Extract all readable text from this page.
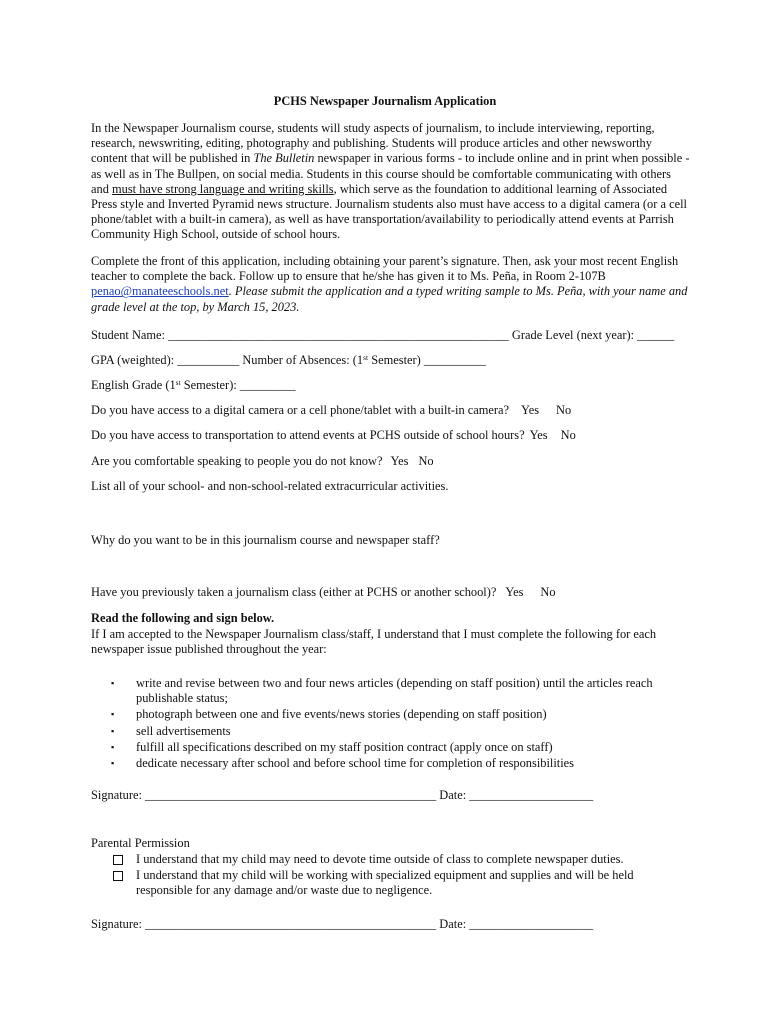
PCHS Newspaper Journalism Application

In the Newspaper Journalism course, students will study aspects of journalism, to include interviewing, reporting, research, newswriting, editing, photography and publishing. Students will produce articles and other newsworthy content that will be published in The Bulletin newspaper in various forms - to include online and in print when possible - as well as in The Bullpen, on social media. Students in this course should be comfortable communicating with others and must have strong language and writing skills, which serve as the foundation to additional learning of Associated Press style and Inverted Pyramid news structure. Journalism students also must have access to a digital camera (or a cell phone/tablet with a built-in camera), as well as have transportation/availability to periodically attend events at Parrish Community High School, outside of school hours.

Complete the front of this application, including obtaining your parent’s signature. Then, ask your most recent English teacher to complete the back. Follow up to ensure that he/she has given it to Ms. Peña, in Room 2-107B penao@manateeschools.net. Please submit the application and a typed writing sample to Ms. Peña, with your name and grade level at the top, by March 15, 2023.

Student Name: _______________________________________________________ Grade Level (next year): ______

GPA (weighted): __________ Number of Absences: (1st Semester) __________

English Grade (1st Semester): _________

Do you have access to a digital camera or a cell phone/tablet with a built-in camera? Yes No

Do you have access to transportation to attend events at PCHS outside of school hours? Yes No

Are you comfortable speaking to people you do not know? Yes No

List all of your school- and non-school-related extracurricular activities.

Why do you want to be in this journalism course and newspaper staff?

Have you previously taken a journalism class (either at PCHS or another school)? Yes No

Read the following and sign below.

If I am accepted to the Newspaper Journalism class/staff, I understand that I must complete the following for each newspaper issue published throughout the year:

▪ write and revise between two and four news articles (depending on staff position) until the articles reach publishable status;
▪ photograph between one and five events/news stories (depending on staff position)
▪ sell advertisements
▪ fulfill all specifications described on my staff position contract (apply once on staff)
▪ dedicate necessary after school and before school time for completion of responsibilities

Signature: _______________________________________________ Date: ____________________

Parental Permission

I understand that my child may need to devote time outside of class to complete newspaper duties.
I understand that my child will be working with specialized equipment and supplies and will be held responsible for any damage and/or waste due to negligence.

Signature: _______________________________________________ Date: ____________________
